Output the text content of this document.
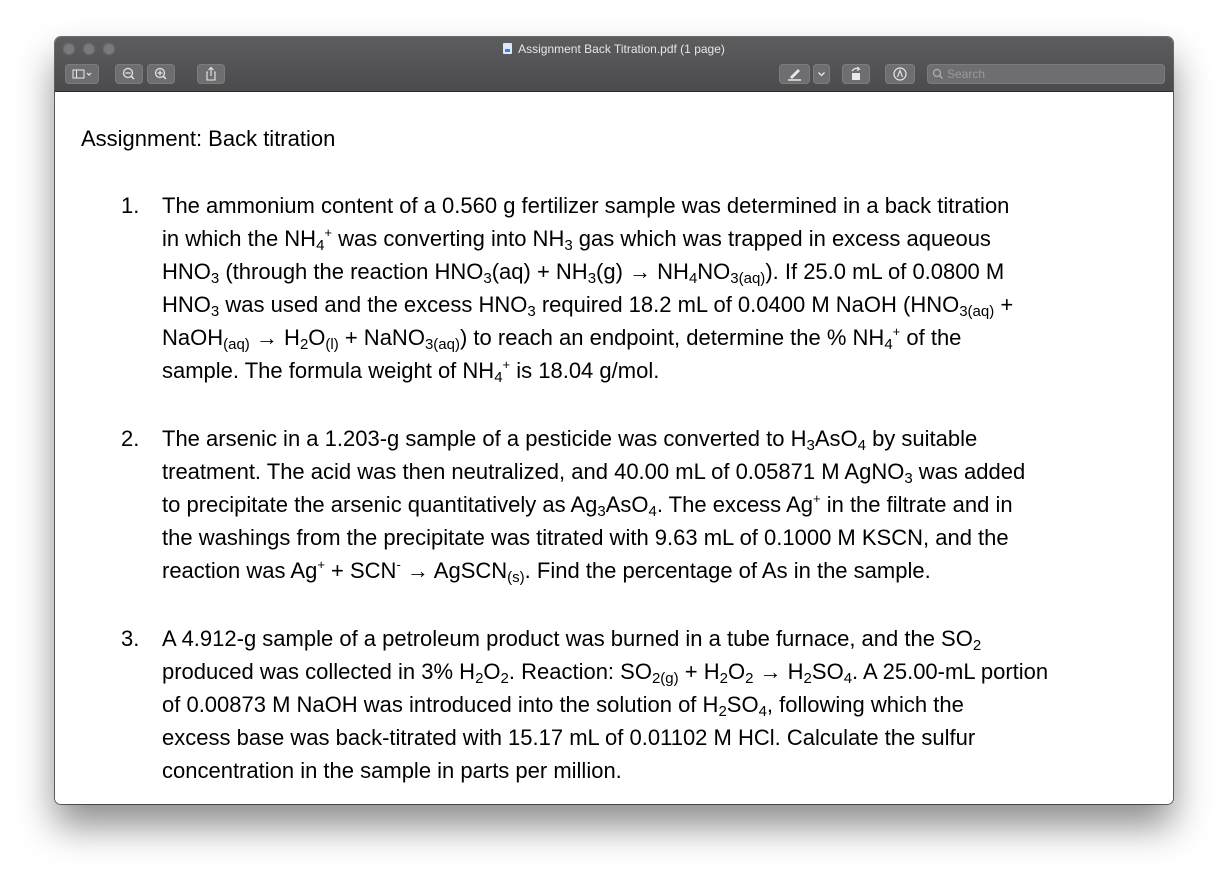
Assignment Back Titration.pdf (1 page)
Search
Assignment: Back titration
1. The ammonium content of a 0.560 g fertilizer sample was determined in a back titration
in which the $NH_4^+$ was converting into $NH_3$ gas which was trapped in excess aqueous
$HNO_3$ (through the reaction $HNO_3(aq) + NH_3(g) \to NH_4NO_{3(aq)}$). If 25.0 mL of 0.0800 M
$HNO_3$ was used and the excess $HNO_3$ required 18.2 mL of 0.0400 M NaOH ($HNO_{3(aq)}$ +
NaOH$_{(aq)}$ → $H_2O_{(l)}$ + NaNO$_{3(aq)}$) to reach an endpoint, determine the % $NH_4^+$ of the
sample. The formula weight of $NH_4^+$ is 18.04 g/mol.
2. The arsenic in a 1.203-g sample of a pesticide was converted to $H_3AsO_4$ by suitable
treatment. The acid was then neutralized, and 40.00 mL of 0.05871 M AgNO$_3$ was added
to precipitate the arsenic quantitatively as $Ag_3AsO_4$. The excess Ag+ in the filtrate and in
the washings from the precipitate was titrated with 9.63 mL of 0.1000 M KSCN, and the
reaction was Ag+ + SCN- → AgSCN$_{(s)}$. Find the percentage of As in the sample.
3. A 4.912-g sample of a petroleum product was burned in a tube furnace, and the $SO_2$
produced was collected in 3% $H_2O_2$. Reaction: $SO_{2(g)} + H_2O_2 \to H_2SO_4$. A 25.00-mL portion
of 0.00873 M NaOH was introduced into the solution of $H_2SO_4$, following which the
excess base was back-titrated with 15.17 mL of 0.01102 M HCl. Calculate the sulfur
concentration in the sample in parts per million.
